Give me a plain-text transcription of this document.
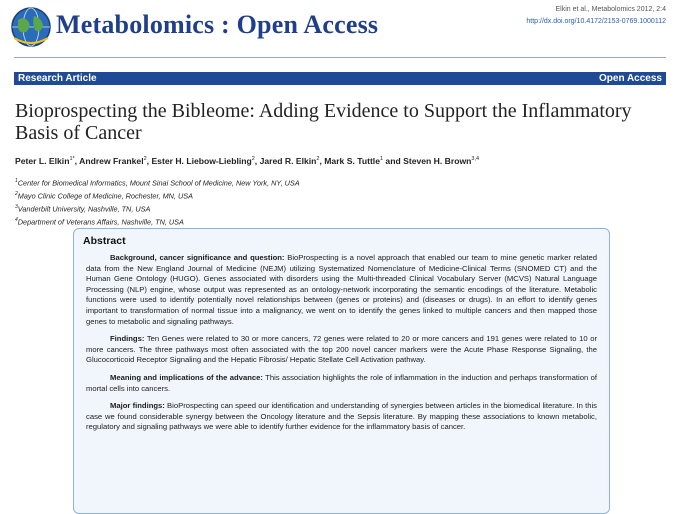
Metabolomics : Open Access
Elkin et al., Metabolomics 2012, 2:4
http://dx.doi.org/10.4172/2153-0769.1000112
Research Article	Open Access
Bioprospecting the Bibleome: Adding Evidence to Support the Inflammatory Basis of Cancer
Peter L. Elkin$^{1*}$, Andrew Frankel$^2$, Ester H. Liebow-Liebling$^2$, Jared R. Elkin$^2$, Mark S. Tuttle$^1$ and Steven H. Brown$^{3,4}$
$^1$Center for Biomedical Informatics, Mount Sinai School of Medicine, New York, NY, USA
$^2$Mayo Clinic College of Medicine, Rochester, MN, USA
$^3$Vanderbilt University, Nashville, TN, USA
$^4$Department of Veterans Affairs, Nashville, TN, USA
Abstract

Background, cancer significance and question: BioProspecting is a novel approach that enabled our team to mine genetic marker related data from the New England Journal of Medicine (NEJM) utilizing Systematized Nomenclature of Medicine-Clinical Terms (SNOMED CT) and the Human Gene Ontology (HUGO). Genes associated with disorders using the Multi-threaded Clinical Vocabulary Server (MCVS) Natural Language Processing (NLP) engine, whose output was represented as an ontology-network incorporating the semantic encodings of the literature. Metabolic functions were used to identify potentially novel relationships between (genes or proteins) and (diseases or drugs). In an effort to identify genes important to transformation of normal tissue into a malignancy, we went on to identify the genes linked to multiple cancers and then mapped those genes to metabolic and signaling pathways.

Findings: Ten Genes were related to 30 or more cancers, 72 genes were related to 20 or more cancers and 191 genes were related to 10 or more cancers. The three pathways most often associated with the top 200 novel cancer markers were the Acute Phase Response Signaling, the Glucocorticoid Receptor Signaling and the Hepatic Fibrosis/ Hepatic Stellate Cell Activation pathway.

Meaning and implications of the advance: This association highlights the role of inflammation in the induction and perhaps transformation of mortal cells into cancers.

Major findings: BioProspecting can speed our identification and understanding of synergies between articles in the biomedical literature. In this case we found considerable synergy between the Oncology literature and the Sepsis literature. By mapping these associations to known metabolic, regulatory and signaling pathways we were able to identify further evidence for the inflammatory basis of cancer.
